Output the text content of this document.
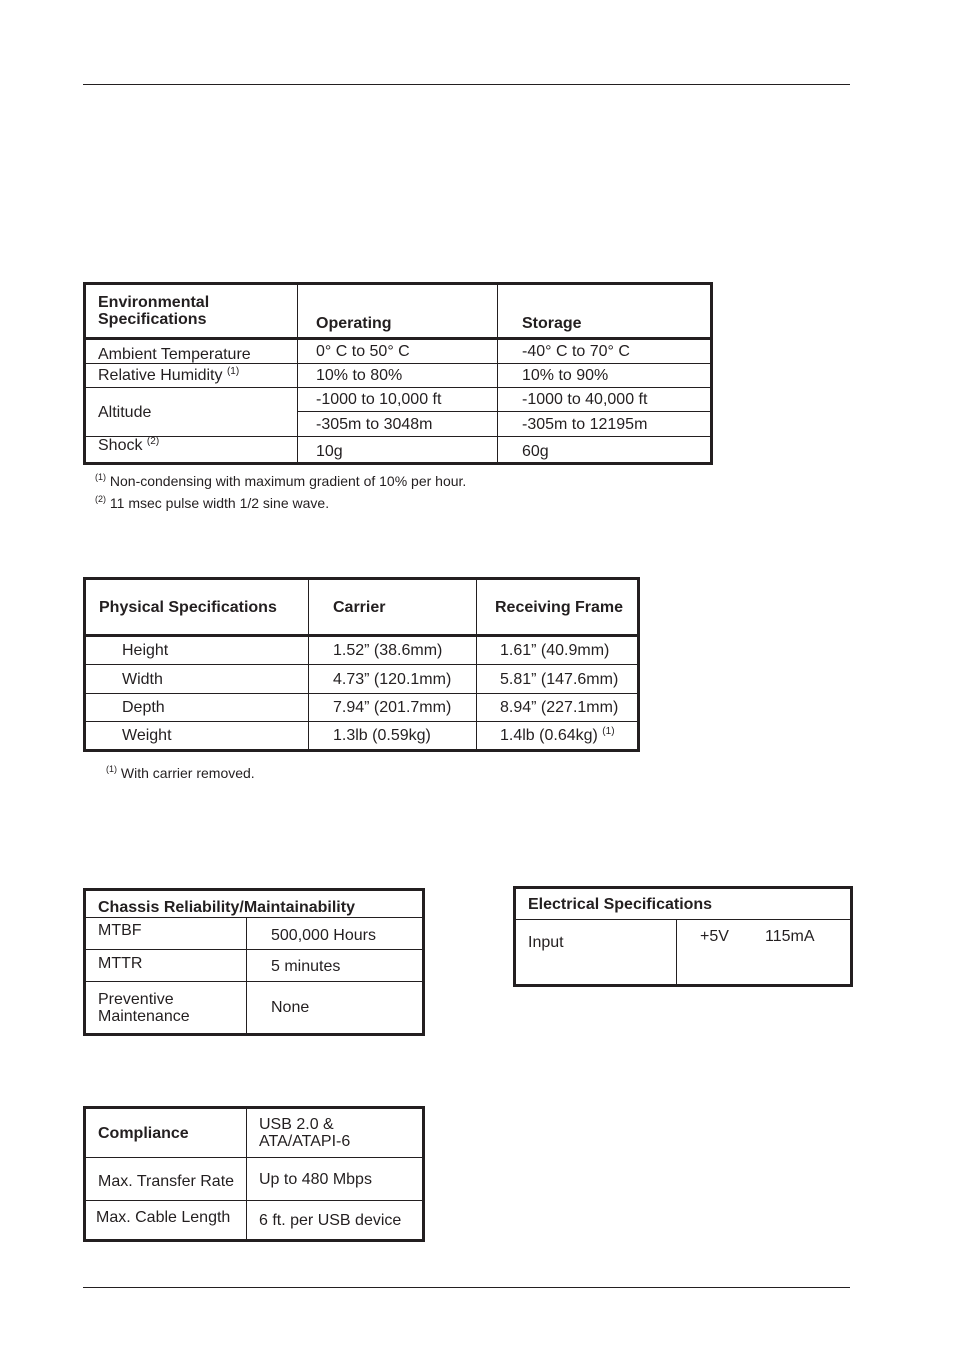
Environmental
Specifications	Operating	Storage
Ambient Temperature	0° C to 50° C	-40° C to 70° C
Relative Humidity $^{(1)}$	10% to 80%	10% to 90%
Altitude	-1000 to 10,000 ft	-1000 to 40,000 ft
	-305m to 3048m	-305m to 12195m
Shock $^{(2)}$	10g	60g
$^{(1)}$ Non-condensing with maximum gradient of 10% per hour.
$^{(2)}$ 11 msec pulse width 1/2 sine wave.
Physical Specifications	Carrier	Receiving Frame
Height	1.52” (38.6mm)	1.61” (40.9mm)
Width	4.73” (120.1mm)	5.81” (147.6mm)
Depth	7.94” (201.7mm)	8.94” (227.1mm)
Weight	1.3lb (0.59kg)	1.4lb (0.64kg) $^{(1)}$
$^{(1)}$ With carrier removed.
Chassis Reliability/Maintainability	
MTBF	500,000 Hours
MTTR	5 minutes
Preventive
Maintenance	None
Electrical Specifications
Input	+5V 115mA
Compliance	USB 2.0 &
ATA/ATAPI-6
Max. Transfer Rate	Up to 480 Mbps
Max. Cable Length	6 ft. per USB device
